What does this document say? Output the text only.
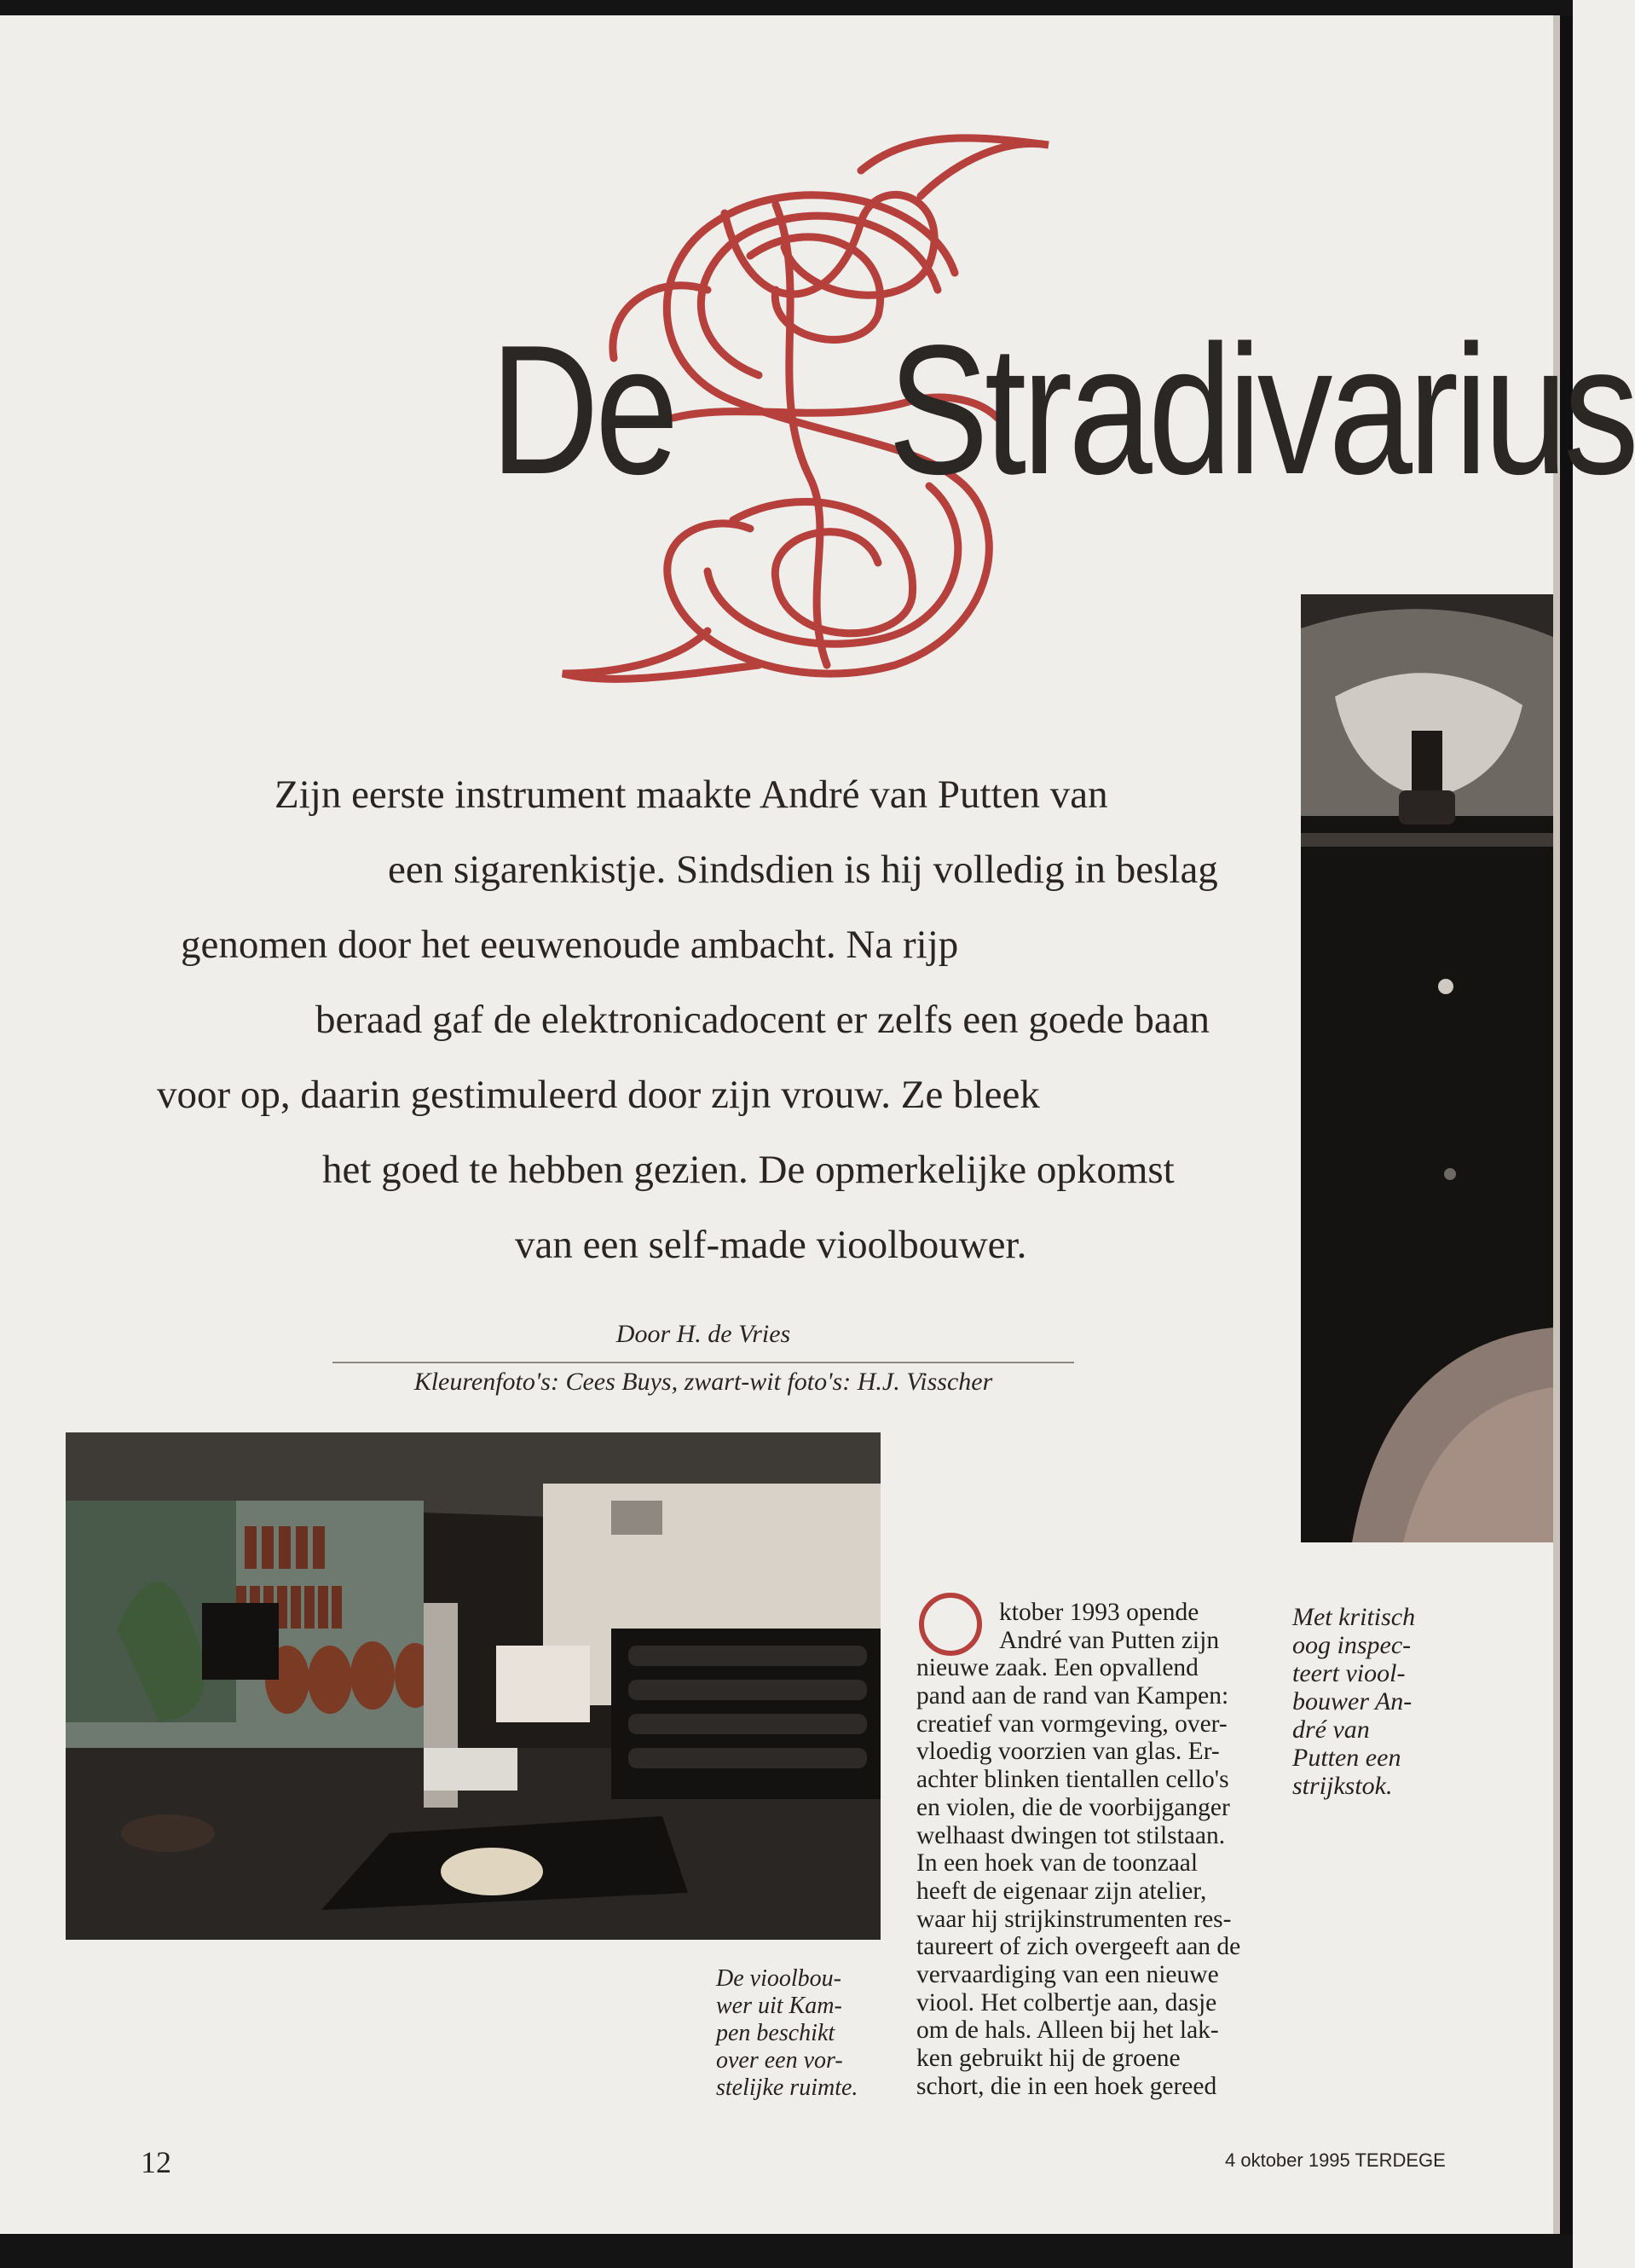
De Stradivarius
Zijn eerste instrument maakte André van Putten van
een sigarenkistje. Sindsdien is hij volledig in beslag
genomen door het eeuwenoude ambacht. Na rijp
beraad gaf de elektronicadocent er zelfs een goede baan
voor op, daarin gestimuleerd door zijn vrouw. Ze bleek
het goed te hebben gezien. De opmerkelijke opkomst
van een self-made vioolbouwer.
Door H. de Vries
Kleurenfoto's: Cees Buys, zwart-wit foto's: H.J. Visscher
Met kritisch
oog inspec-
teert viool-
bouwer An-
dré van
Putten een
strijkstok.
De vioolbou-
wer uit Kam-
pen beschikt
over een vor-
stelijke ruimte.
ktober 1993 opende
André van Putten zijn
nieuwe zaak. Een opvallend
pand aan de rand van Kampen:
creatief van vormgeving, over-
vloedig voorzien van glas. Er-
achter blinken tientallen cello's
en violen, die de voorbijganger
welhaast dwingen tot stilstaan.
In een hoek van de toonzaal
heeft de eigenaar zijn atelier,
waar hij strijkinstrumenten res-
taureert of zich overgeeft aan de
vervaardiging van een nieuwe
viool. Het colbertje aan, dasje
om de hals. Alleen bij het lak-
ken gebruikt hij de groene
schort, die in een hoek gereed
12	4 oktober 1995 TERDEGE
